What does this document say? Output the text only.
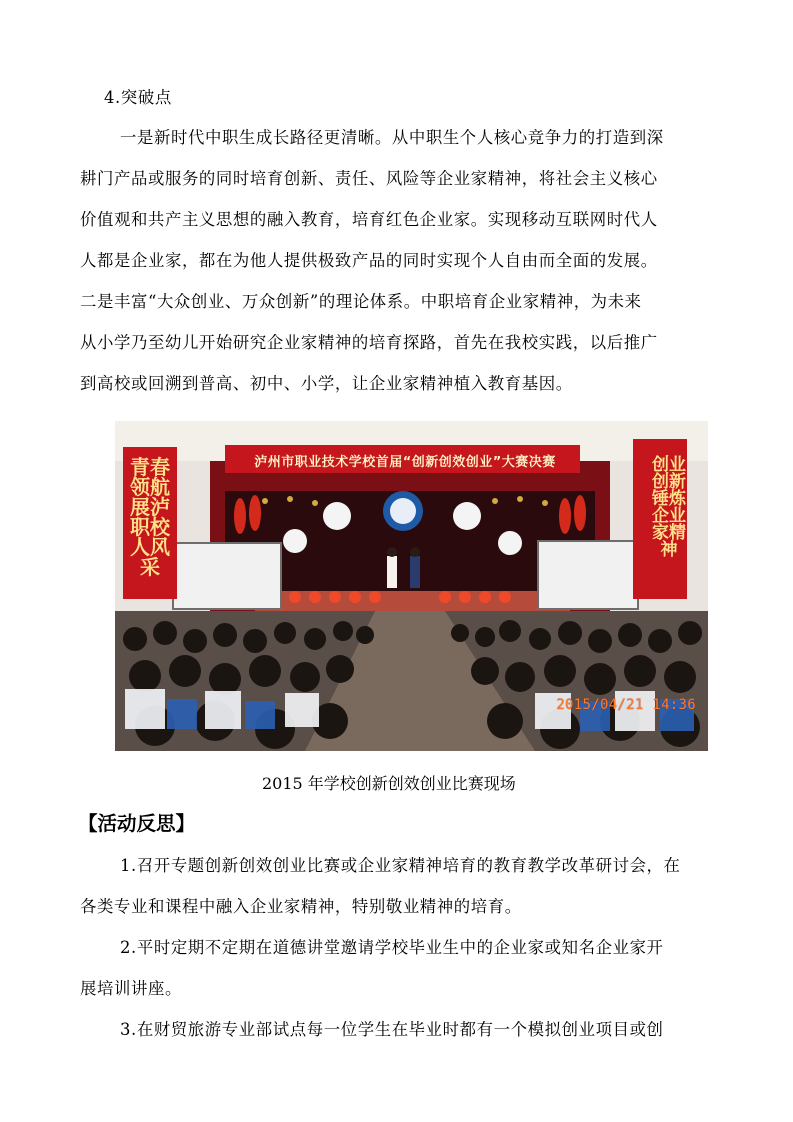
4.突破点
一是新时代中职生成长路径更清晰。从中职生个人核心竞争力的打造到深
耕门产品或服务的同时培育创新、责任、风险等企业家精神，将社会主义核心
价值观和共产主义思想的融入教育，培育红色企业家。实现移动互联网时代人
人都是企业家，都在为他人提供极致产品的同时实现个人自由而全面的发展。
二是丰富“大众创业、万众创新”的理论体系。中职培育企业家精神，为未来
从小学乃至幼儿开始研究企业家精神的培育探路，首先在我校实践，以后推广
到高校或回溯到普高、初中、小学，让企业家精神植入教育基因。
泸州市职业技术学校首届“创新创效创业”大赛决赛
青春领航展泸职校人风采
创业创新锤炼企业家精神
2015/04/21 14:36
2015 年学校创新创效创业比赛现场
【活动反思】
1.召开专题创新创效创业比赛或企业家精神培育的教育教学改革研讨会，在
各类专业和课程中融入企业家精神，特别敬业精神的培育。
2.平时定期不定期在道德讲堂邀请学校毕业生中的企业家或知名企业家开
展培训讲座。
3.在财贸旅游专业部试点每一位学生在毕业时都有一个模拟创业项目或创
